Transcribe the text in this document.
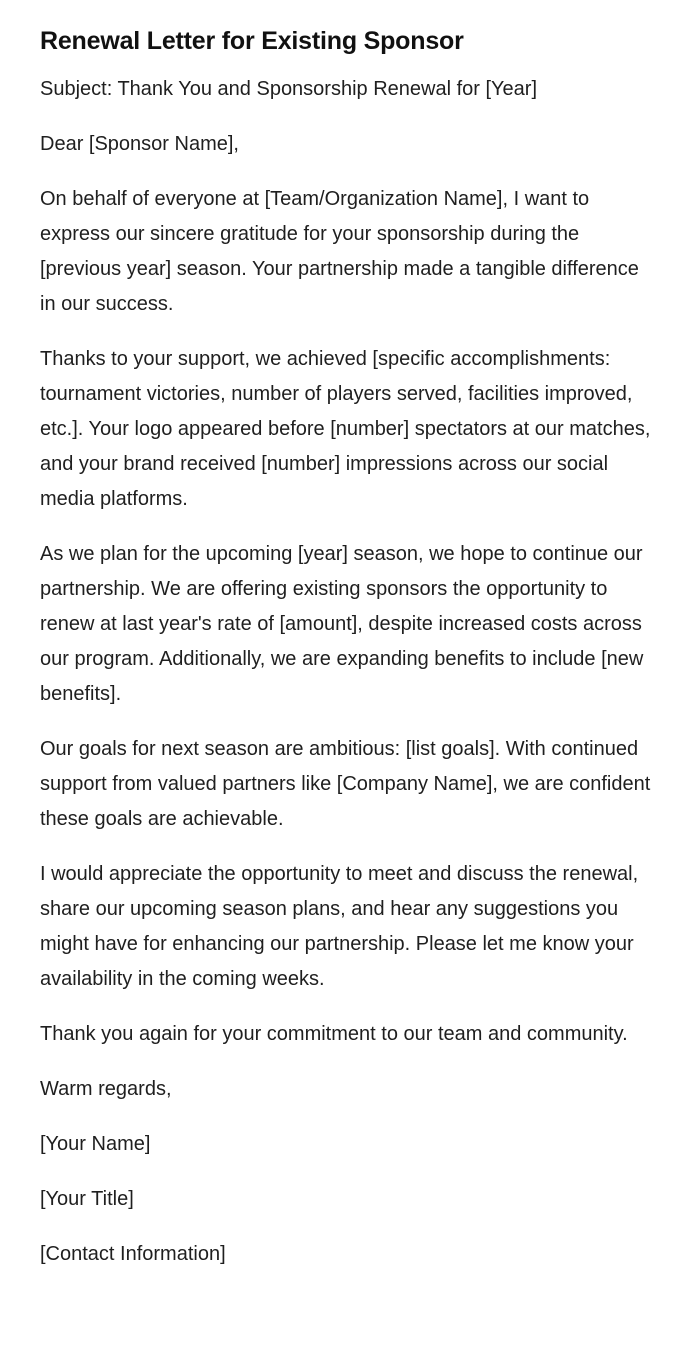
Renewal Letter for Existing Sponsor

Subject: Thank You and Sponsorship Renewal for [Year]

Dear [Sponsor Name],

On behalf of everyone at [Team/Organization Name], I want to express our sincere gratitude for your sponsorship during the [previous year] season. Your partnership made a tangible difference in our success.

Thanks to your support, we achieved [specific accomplishments: tournament victories, number of players served, facilities improved, etc.]. Your logo appeared before [number] spectators at our matches, and your brand received [number] impressions across our social media platforms.

As we plan for the upcoming [year] season, we hope to continue our partnership. We are offering existing sponsors the opportunity to renew at last year's rate of [amount], despite increased costs across our program. Additionally, we are expanding benefits to include [new benefits].

Our goals for next season are ambitious: [list goals]. With continued support from valued partners like [Company Name], we are confident these goals are achievable.

I would appreciate the opportunity to meet and discuss the renewal, share our upcoming season plans, and hear any suggestions you might have for enhancing our partnership. Please let me know your availability in the coming weeks.

Thank you again for your commitment to our team and community.

Warm regards,

[Your Name]

[Your Title]

[Contact Information]
